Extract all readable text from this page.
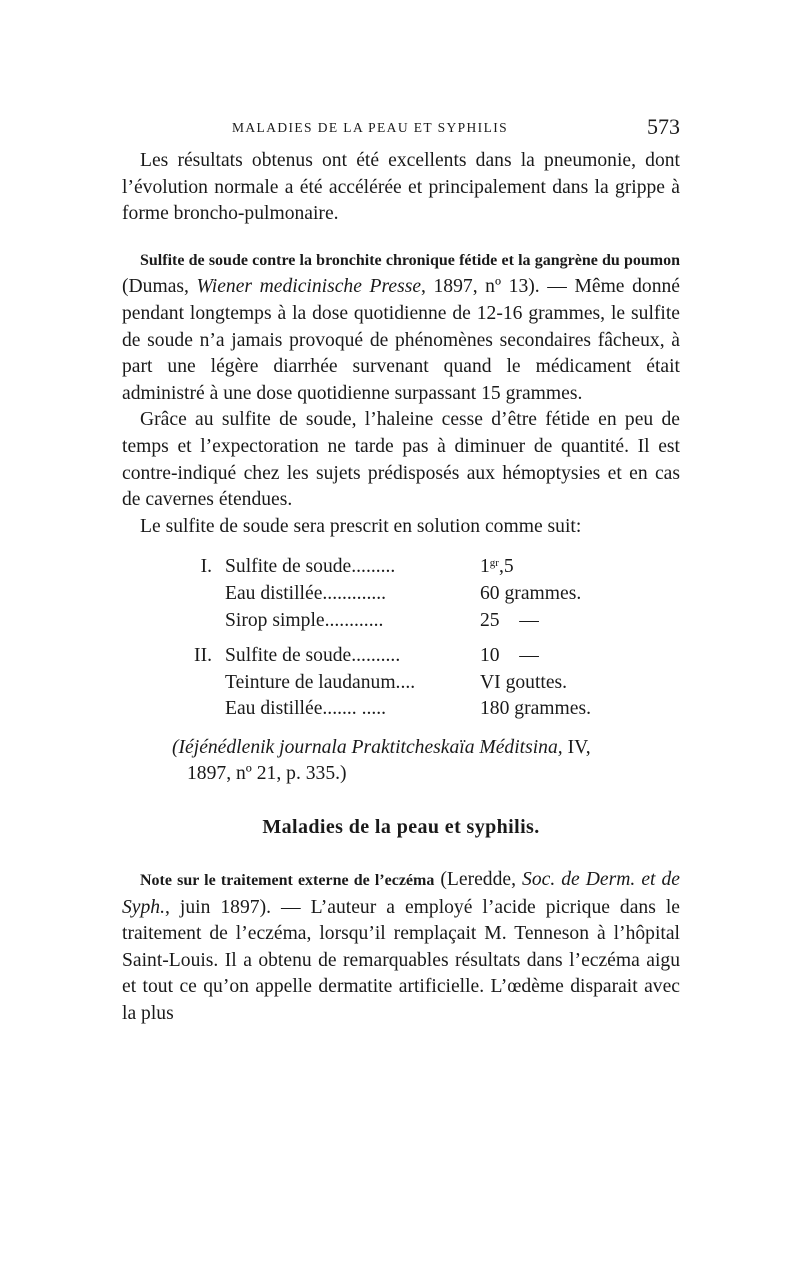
MALADIES DE LA PEAU ET SYPHILIS	573

Les résultats obtenus ont été excellents dans la pneumonie, dont l’évolution normale a été accélérée et principalement dans la grippe à forme broncho-pulmonaire.

Sulfite de soude contre la bronchite chronique fétide et la gangrène du poumon (Dumas, Wiener medicinische Presse, 1897, nº 13). — Même donné pendant longtemps à la dose quotidienne de 12-16 grammes, le sulfite de soude n’a jamais provoqué de phénomènes secondaires fâcheux, à part une légère diarrhée survenant quand le médicament était administré à une dose quotidienne surpassant 15 grammes.

Grâce au sulfite de soude, l’haleine cesse d’être fétide en peu de temps et l’expectoration ne tarde pas à diminuer de quantité. Il est contre-indiqué chez les sujets prédisposés aux hémoptysies et en cas de cavernes étendues.

Le sulfite de soude sera prescrit en solution comme suit:

I. Sulfite de soude.........	$1^{gr},5$
Eau distillée.............	60 grammes.
Sirop simple............	25    —
II. Sulfite de soude..........	10    —
Teinture de laudanum....	VI gouttes.
Eau distillée....... .....	180 grammes.

(Iéjénédlenik journala Praktitcheskaïa Méditsina, IV,

1897, nº 21, p. 335.)

Maladies de la peau et syphilis.

Note sur le traitement externe de l’eczéma (Leredde, Soc. de Derm. et de Syph., juin 1897). — L’auteur a employé l’acide picrique dans le traitement de l’eczéma, lorsqu’il remplaçait M. Tenneson à l’hôpital Saint-Louis. Il a obtenu de remarquables résultats dans l’eczéma aigu et tout ce qu’on appelle dermatite artificielle. L’œdème disparait avec la plus
